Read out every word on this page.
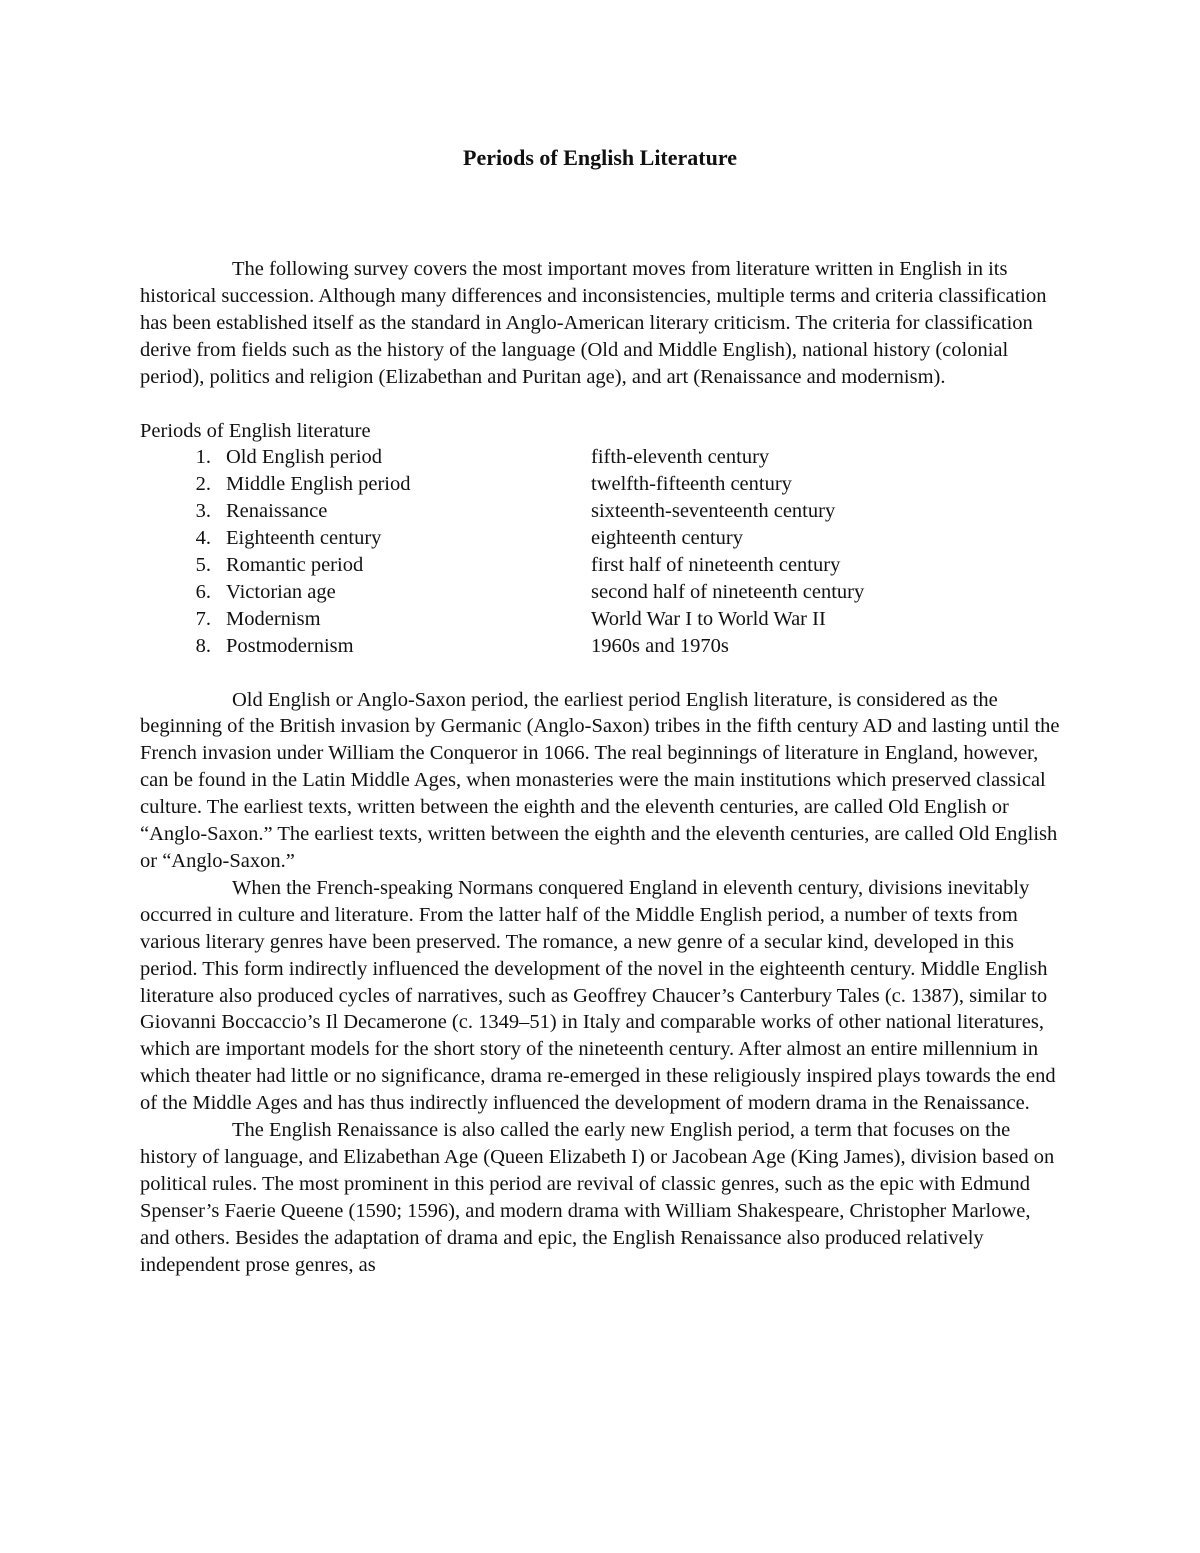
Periods of English Literature

The following survey covers the most important moves from literature written in English in its historical succession. Although many differences and inconsistencies, multiple terms and criteria classification has been established itself as the standard in Anglo-American literary criticism. The criteria for classification derive from fields such as the history of the language (Old and Middle English), national history (colonial period), politics and religion (Elizabethan and Puritan age), and art (Renaissance and modernism).

Periods of English literature

1. Old English period	fifth-eleventh century
2. Middle English period	twelfth-fifteenth century
3. Renaissance	sixteenth-seventeenth century
4. Eighteenth century	eighteenth century
5. Romantic period	first half of nineteenth century
6. Victorian age	second half of nineteenth century
7. Modernism	World War I to World War II
8. Postmodernism	1960s and 1970s

Old English or Anglo-Saxon period, the earliest period English literature, is considered as the beginning of the British invasion by Germanic (Anglo-Saxon) tribes in the fifth century AD and lasting until the French invasion under William the Conqueror in 1066. The real beginnings of literature in England, however, can be found in the Latin Middle Ages, when monasteries were the main institutions which preserved classical culture. The earliest texts, written between the eighth and the eleventh centuries, are called Old English or “Anglo-Saxon.” The earliest texts, written between the eighth and the eleventh centuries, are called Old English or “Anglo-Saxon.”

When the French-speaking Normans conquered England in eleventh century, divisions inevitably occurred in culture and literature. From the latter half of the Middle English period, a number of texts from various literary genres have been preserved. The romance, a new genre of a secular kind, developed in this period. This form indirectly influenced the development of the novel in the eighteenth century. Middle English literature also produced cycles of narratives, such as Geoffrey Chaucer’s Canterbury Tales (c. 1387), similar to Giovanni Boccaccio’s Il Decamerone (c. 1349–51) in Italy and comparable works of other national literatures, which are important models for the short story of the nineteenth century. After almost an entire millennium in which theater had little or no significance, drama re-emerged in these religiously inspired plays towards the end of the Middle Ages and has thus indirectly influenced the development of modern drama in the Renaissance.

The English Renaissance is also called the early new English period, a term that focuses on the history of language, and Elizabethan Age (Queen Elizabeth I) or Jacobean Age (King James), division based on political rules. The most prominent in this period are revival of classic genres, such as the epic with Edmund Spenser’s Faerie Queene (1590; 1596), and modern drama with William Shakespeare, Christopher Marlowe, and others. Besides the adaptation of drama and epic, the English Renaissance also produced relatively independent prose genres, as
